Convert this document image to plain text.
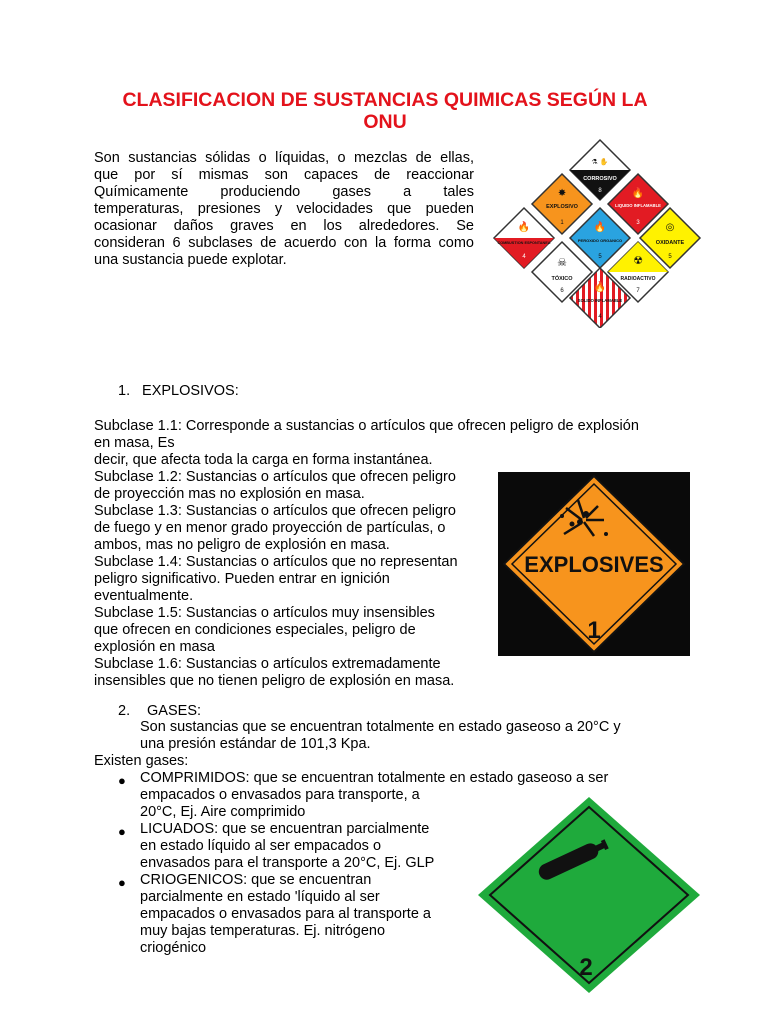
CLASIFICACION DE SUSTANCIAS QUIMICAS SEGÚN LA
ONU
Son sustancias sólidas o líquidas, o mezclas de ellas,
que por sí mismas son capaces de reaccionar
Químicamente produciendo gases a tales
temperaturas, presiones y velocidades que pueden
ocasionar daños graves en los alrededores. Se
consideran 6 subclases de acuerdo con la forma como
una sustancia puede explotar.
⚗ ✋
CORROSIVO
8
✸
EXPLOSIVO
1
🔥
LIQUIDO INFLAMABLE
3
🔥
COMBUSTION ESPONTANEA
4
🔥
PEROXIDO ORGANICO
5
◎
OXIDANTE
5
☠
TÓXICO
6
☢
RADIOACTIVO
7
🔥
SOLIDO INFLAMABLE
4
1. EXPLOSIVOS:
Subclase 1.1: Corresponde a sustancias o artículos que ofrecen peligro de explosión
en masa, Es
decir, que afecta toda la carga en forma instantánea.
Subclase 1.2: Sustancias o artículos que ofrecen peligro
de proyección mas no explosión en masa.
Subclase 1.3: Sustancias o artículos que ofrecen peligro
de fuego y en menor grado proyección de partículas, o
ambos, mas no peligro de explosión en masa.
Subclase 1.4: Sustancias o artículos que no representan
peligro significativo. Pueden entrar en ignición
eventualmente.
Subclase 1.5: Sustancias o artículos muy insensibles
que ofrecen en condiciones especiales, peligro de
explosión en masa
Subclase 1.6: Sustancias o artículos extremadamente
insensibles que no tienen peligro de explosión en masa.
EXPLOSIVES
1
2. GASES:
Son sustancias que se encuentran totalmente en estado gaseoso a 20°C y
una presión estándar de 101,3 Kpa.
Existen gases:
● COMPRIMIDOS: que se encuentran totalmente en estado gaseoso a ser
empacados o envasados para transporte, a
20°C, Ej. Aire comprimido
● LICUADOS: que se encuentran parcialmente
en estado líquido al ser empacados o
envasados para el transporte a 20°C, Ej. GLP
● CRIOGENICOS: que se encuentran
parcialmente en estado 'líquido al ser
empacados o envasados para al transporte a
muy bajas temperaturas. Ej. nitrógeno
criogénico
2
